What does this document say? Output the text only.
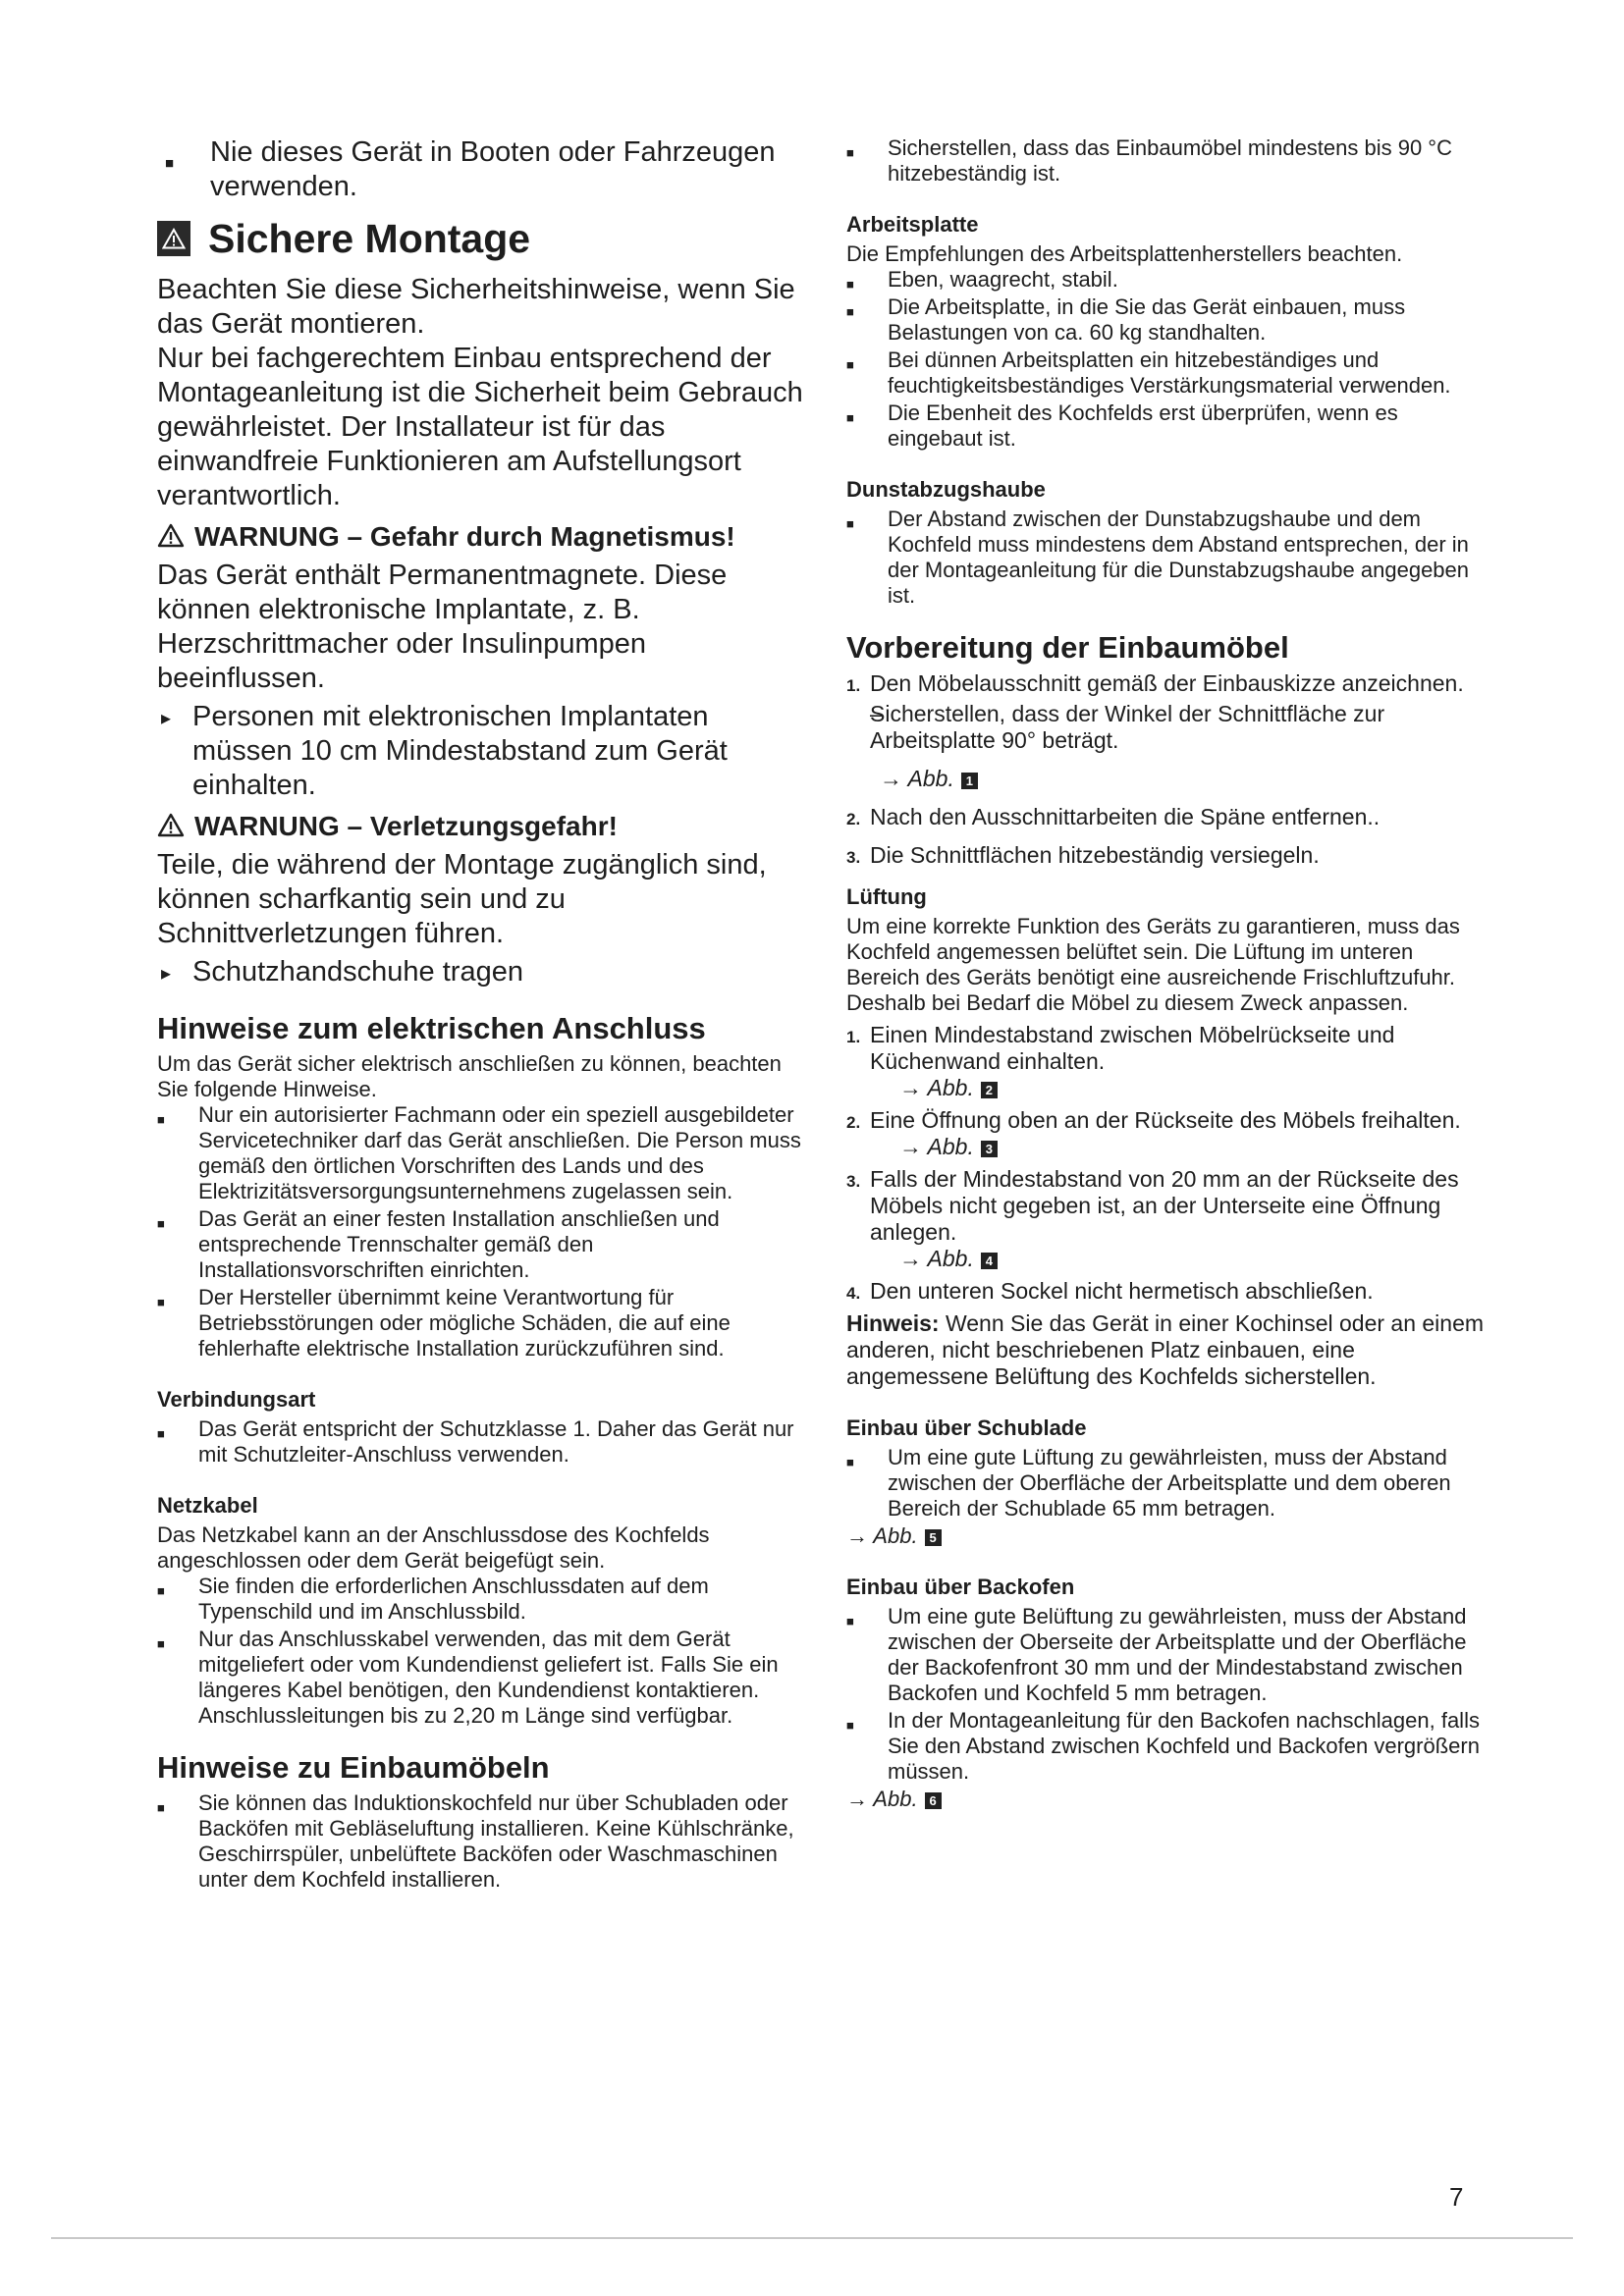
■ Nie dieses Gerät in Booten oder Fahrzeugen verwenden.
Sichere Montage

Beachten Sie diese Sicherheitshinweise, wenn Sie das Gerät montieren.

Nur bei fachgerechtem Einbau entsprechend der Montageanleitung ist die Sicherheit beim Gebrauch gewährleistet. Der Installateur ist für das einwandfreie Funktionieren am Aufstellungsort verantwortlich.

WARNUNG – Gefahr durch Magnetismus!

Das Gerät enthält Permanentmagnete. Diese können elektronische Implantate, z. B. Herzschrittmacher oder Insulinpumpen beeinflussen.

▸ Personen mit elektronischen Implantaten müssen 10 cm Mindestabstand zum Gerät einhalten.
WARNUNG – Verletzungsgefahr!

Teile, die während der Montage zugänglich sind, können scharfkantig sein und zu Schnittverletzungen führen.

▸ Schutzhandschuhe tragen
Hinweise zum elektrischen Anschluss

Um das Gerät sicher elektrisch anschließen zu können, beachten Sie folgende Hinweise.

■ Nur ein autorisierter Fachmann oder ein speziell ausgebildeter Servicetechniker darf das Gerät anschließen. Die Person muss gemäß den örtlichen Vorschriften des Lands und des Elektrizitätsversorgungsunternehmens zugelassen sein.
■ Das Gerät an einer festen Installation anschließen und entsprechende Trennschalter gemäß den Installationsvorschriften einrichten.
■ Der Hersteller übernimmt keine Verantwortung für Betriebsstörungen oder mögliche Schäden, die auf eine fehlerhafte elektrische Installation zurückzuführen sind.
Verbindungsart
■ Das Gerät entspricht der Schutzklasse 1. Daher das Gerät nur mit Schutzleiter-Anschluss verwenden.
Netzkabel

Das Netzkabel kann an der Anschlussdose des Kochfelds angeschlossen oder dem Gerät beigefügt sein.

■ Sie finden die erforderlichen Anschlussdaten auf dem Typenschild und im Anschlussbild.
■ Nur das Anschlusskabel verwenden, das mit dem Gerät mitgeliefert oder vom Kundendienst geliefert ist. Falls Sie ein längeres Kabel benötigen, den Kundendienst kontaktieren. Anschlussleitungen bis zu 2,20 m Länge sind verfügbar.
Hinweise zu Einbaumöbeln
■ Sie können das Induktionskochfeld nur über Schubladen oder Backöfen mit Gebläseluftung installieren. Keine Kühlschränke, Geschirrspüler, unbelüftete Backöfen oder Waschmaschinen unter dem Kochfeld installieren.
■ Sicherstellen, dass das Einbaumöbel mindestens bis 90 °C hitzebeständig ist.
Arbeitsplatte

Die Empfehlungen des Arbeitsplattenherstellers beachten.

■ Eben, waagrecht, stabil.
■ Die Arbeitsplatte, in die Sie das Gerät einbauen, muss Belastungen von ca. 60 kg standhalten.
■ Bei dünnen Arbeitsplatten ein hitzebeständiges und feuchtigkeitsbeständiges Verstärkungsmaterial verwenden.
■ Die Ebenheit des Kochfelds erst überprüfen, wenn es eingebaut ist.
Dunstabzugshaube
■ Der Abstand zwischen der Dunstabzugshaube und dem Kochfeld muss mindestens dem Abstand entsprechen, der in der Montageanleitung für die Dunstabzugshaube angegeben ist.
Vorbereitung der Einbaumöbel
1. Den Möbelausschnitt gemäß der Einbauskizze anzeichnen.
– Sicherstellen, dass der Winkel der Schnittfläche zur Arbeitsplatte 90° beträgt.
→ Abb. 1
2. Nach den Ausschnittarbeiten die Späne entfernen..
3. Die Schnittflächen hitzebeständig versiegeln.
Lüftung

Um eine korrekte Funktion des Geräts zu garantieren, muss das Kochfeld angemessen belüftet sein. Die Lüftung im unteren Bereich des Geräts benötigt eine ausreichende Frischluftzufuhr. Deshalb bei Bedarf die Möbel zu diesem Zweck anpassen.

1. Einen Mindestabstand zwischen Möbelrückseite und Küchenwand einhalten.
→ Abb. 2
2. Eine Öffnung oben an der Rückseite des Möbels freihalten.
→ Abb. 3
3. Falls der Mindestabstand von 20 mm an der Rückseite des Möbels nicht gegeben ist, an der Unterseite eine Öffnung anlegen.
→ Abb. 4
4. Den unteren Sockel nicht hermetisch abschließen.

Hinweis: Wenn Sie das Gerät in einer Kochinsel oder an einem anderen, nicht beschriebenen Platz einbauen, eine angemessene Belüftung des Kochfelds sicherstellen.

Einbau über Schublade
■ Um eine gute Lüftung zu gewährleisten, muss der Abstand zwischen der Oberfläche der Arbeitsplatte und dem oberen Bereich der Schublade 65 mm betragen.
→ Abb. 5
Einbau über Backofen
■ Um eine gute Belüftung zu gewährleisten, muss der Abstand zwischen der Oberseite der Arbeitsplatte und der Oberfläche der Backofenfront 30 mm und der Mindestabstand zwischen Backofen und Kochfeld 5 mm betragen.
■ In der Montageanleitung für den Backofen nachschlagen, falls Sie den Abstand zwischen Kochfeld und Backofen vergrößern müssen.
→ Abb. 6
7
